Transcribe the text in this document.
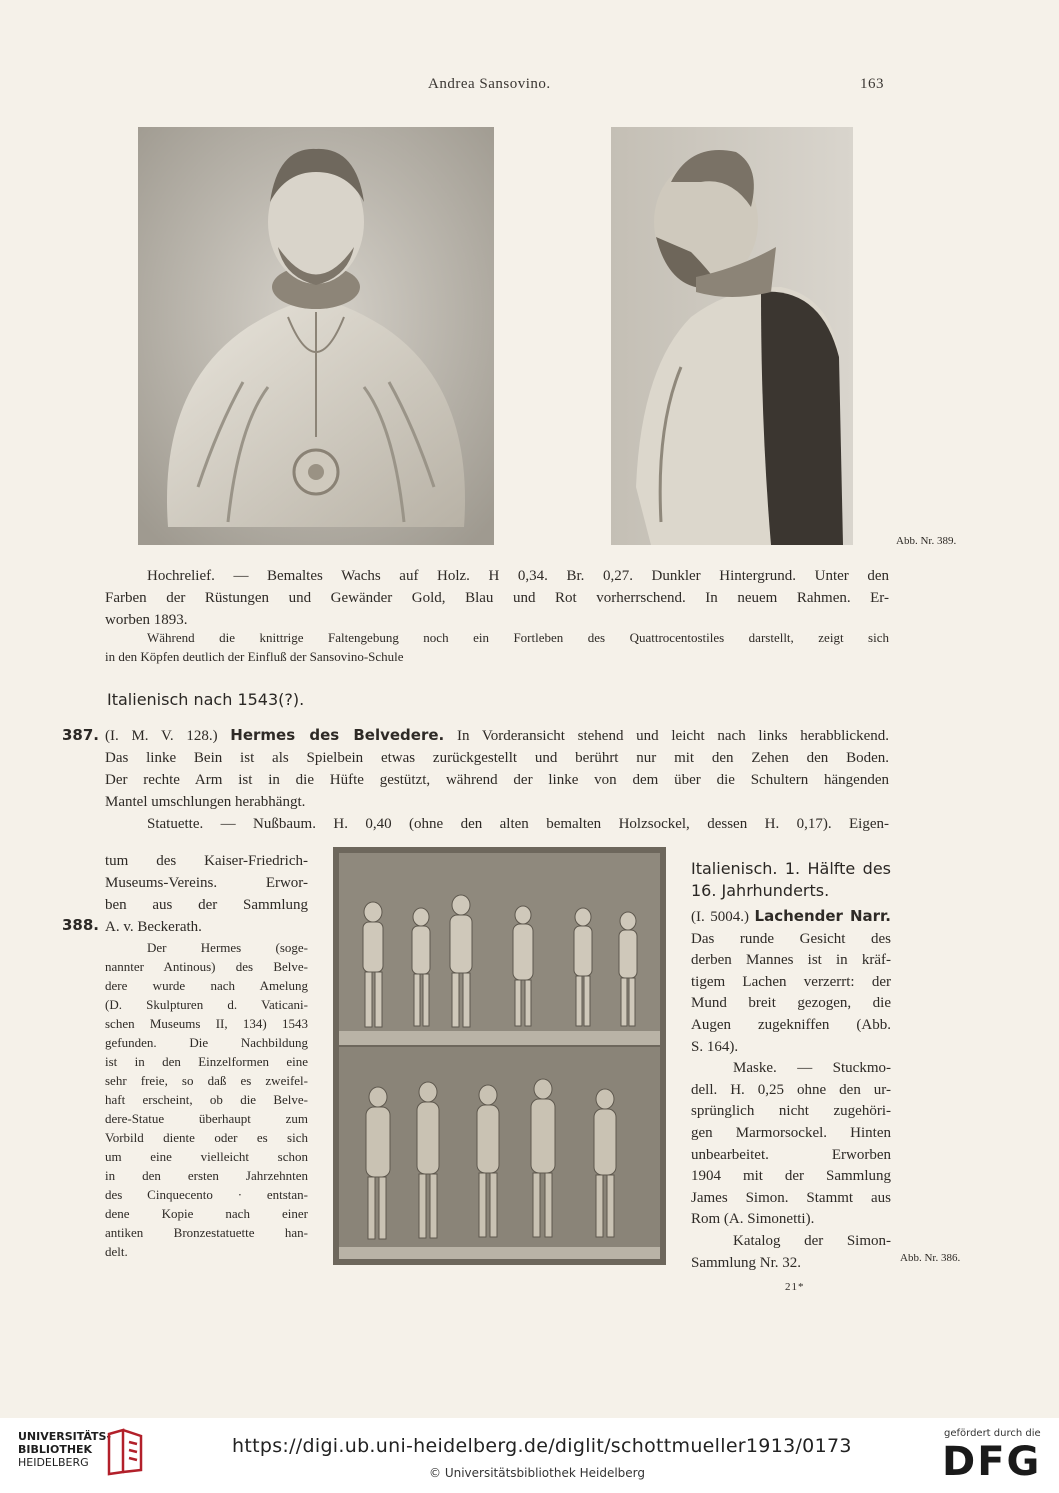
Andrea Sansovino.	163
Abb. Nr. 389.
Hochrelief. — Bemaltes Wachs auf Holz. H 0,34. Br. 0,27. Dunkler Hintergrund. Unter den
Farben der Rüstungen und Gewänder Gold, Blau und Rot vorherrschend. In neuem Rahmen. Er-
worben 1893.
Während die knittrige Faltengebung noch ein Fortleben des Quattrocentostiles darstellt, zeigt sich
in den Köpfen deutlich der Einfluß der Sansovino-Schule
Italienisch nach 1543(?).
387. (I. M. V. 128.) Hermes des Belvedere. In Vorderansicht stehend und leicht nach links herabblickend.
Das linke Bein ist als Spielbein etwas zurückgestellt und berührt nur mit den Zehen den Boden.
Der rechte Arm ist in die Hüfte gestützt, während der linke von dem über die Schultern hängenden
Mantel umschlungen herabhängt.
Statuette. — Nußbaum. H. 0,40 (ohne den alten bemalten Holzsockel, dessen H. 0,17). Eigen-
tum des Kaiser-Friedrich-
Museums-Vereins. Erwor-
ben aus der Sammlung
A. v. Beckerath.
388.
Der Hermes (soge-
nannter Antinous) des Belve-
dere wurde nach Amelung
(D. Skulpturen d. Vaticani-
schen Museums II, 134) 1543
gefunden. Die Nachbildung
ist in den Einzelformen eine
sehr freie, so daß es zweifel-
haft erscheint, ob die Belve-
dere-Statue überhaupt zum
Vorbild diente oder es sich
um eine vielleicht schon
in den ersten Jahrzehnten
des Cinquecento · entstan-
dene Kopie nach einer
antiken Bronzestatuette han-
delt.
Italienisch. 1. Hälfte des
16. Jahrhunderts.
(I. 5004.) Lachender Narr.
Das runde Gesicht des
derben Mannes ist in kräf-
tigem Lachen verzerrt: der
Mund breit gezogen, die
Augen zugekniffen (Abb.
S. 164).
Maske. — Stuckmo-
dell. H. 0,25 ohne den ur-
sprünglich nicht zugehöri-
gen Marmorsockel. Hinten
unbearbeitet. Erworben
1904 mit der Sammlung
James Simon. Stammt aus
Rom (A. Simonetti).
Katalog der Simon-
Sammlung Nr. 32.	Abb. Nr. 386.
21*
UNIVERSITÄTS-
BIBLIOTHEK
HEIDELBERG
https://digi.ub.uni-heidelberg.de/diglit/schottmueller1913/0173
© Universitätsbibliothek Heidelberg
gefördert durch die
DFG
